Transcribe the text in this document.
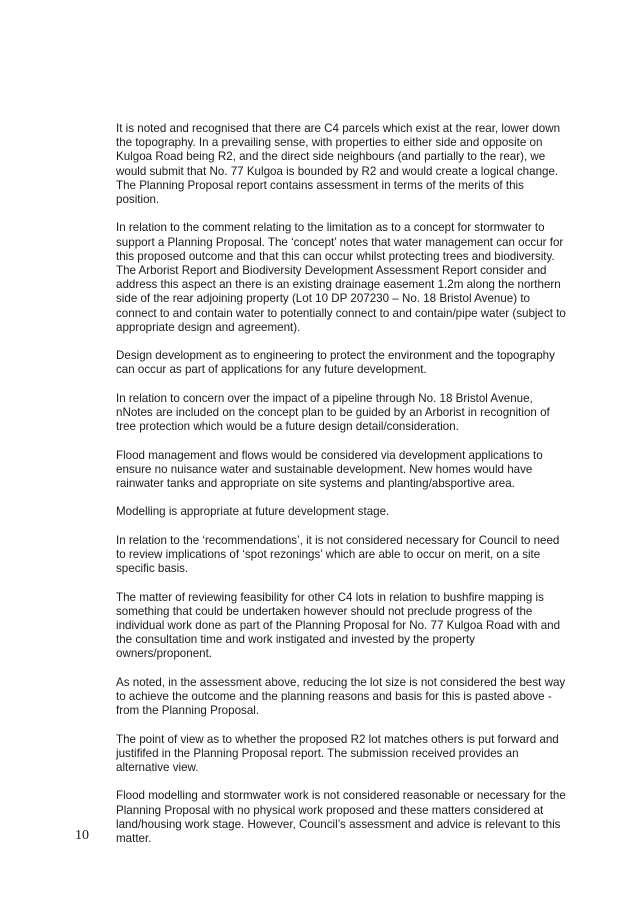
It is noted and recognised that there are C4 parcels which exist at the rear, lower down the topography. In a prevailing sense, with properties to either side and opposite on Kulgoa Road being R2, and the direct side neighbours (and partially to the rear), we would submit that No. 77 Kulgoa is bounded by R2 and would create a logical change. The Planning Proposal report contains assessment in terms of the merits of this position.

In relation to the comment relating to the limitation as to a concept for stormwater to support a Planning Proposal. The ‘concept’ notes that water management can occur for this proposed outcome and that this can occur whilst protecting trees and biodiversity. The Arborist Report and Biodiversity Development Assessment Report consider and address this aspect an there is an existing drainage easement 1.2m along the northern side of the rear adjoining property (Lot 10 DP 207230 – No. 18 Bristol Avenue) to connect to and contain water to potentially connect to and contain/pipe water (subject to appropriate design and agreement).

Design development as to engineering to protect the environment and the topography can occur as part of applications for any future development.

In relation to concern over the impact of a pipeline through No. 18 Bristol Avenue, nNotes are included on the concept plan to be guided by an Arborist in recognition of tree protection which would be a future design detail/consideration.

Flood management and flows would be considered via development applications to ensure no nuisance water and sustainable development. New homes would have rainwater tanks and appropriate on site systems and planting/absportive area.

Modelling is appropriate at future development stage.

In relation to the ‘recommendations’, it is not considered necessary for Council to need to review implications of ‘spot rezonings’ which are able to occur on merit, on a site specific basis.

The matter of reviewing feasibility for other C4 lots in relation to bushfire mapping is something that could be undertaken however should not preclude progress of the individual work done as part of the Planning Proposal for No. 77 Kulgoa Road with and the consultation time and work instigated and invested by the property owners/proponent.

As noted, in the assessment above, reducing the lot size is not considered the best way to achieve the outcome and the planning reasons and basis for this is pasted above - from the Planning Proposal.

The point of view as to whether the proposed R2 lot matches others is put forward and justififed in the Planning Proposal report. The submission received provides an alternative view.

Flood modelling and stormwater work is not considered reasonable or necessary for the Planning Proposal with no physical work proposed and these matters considered at land/housing work stage. However, Council’s assessment and advice is relevant to this matter.

10
